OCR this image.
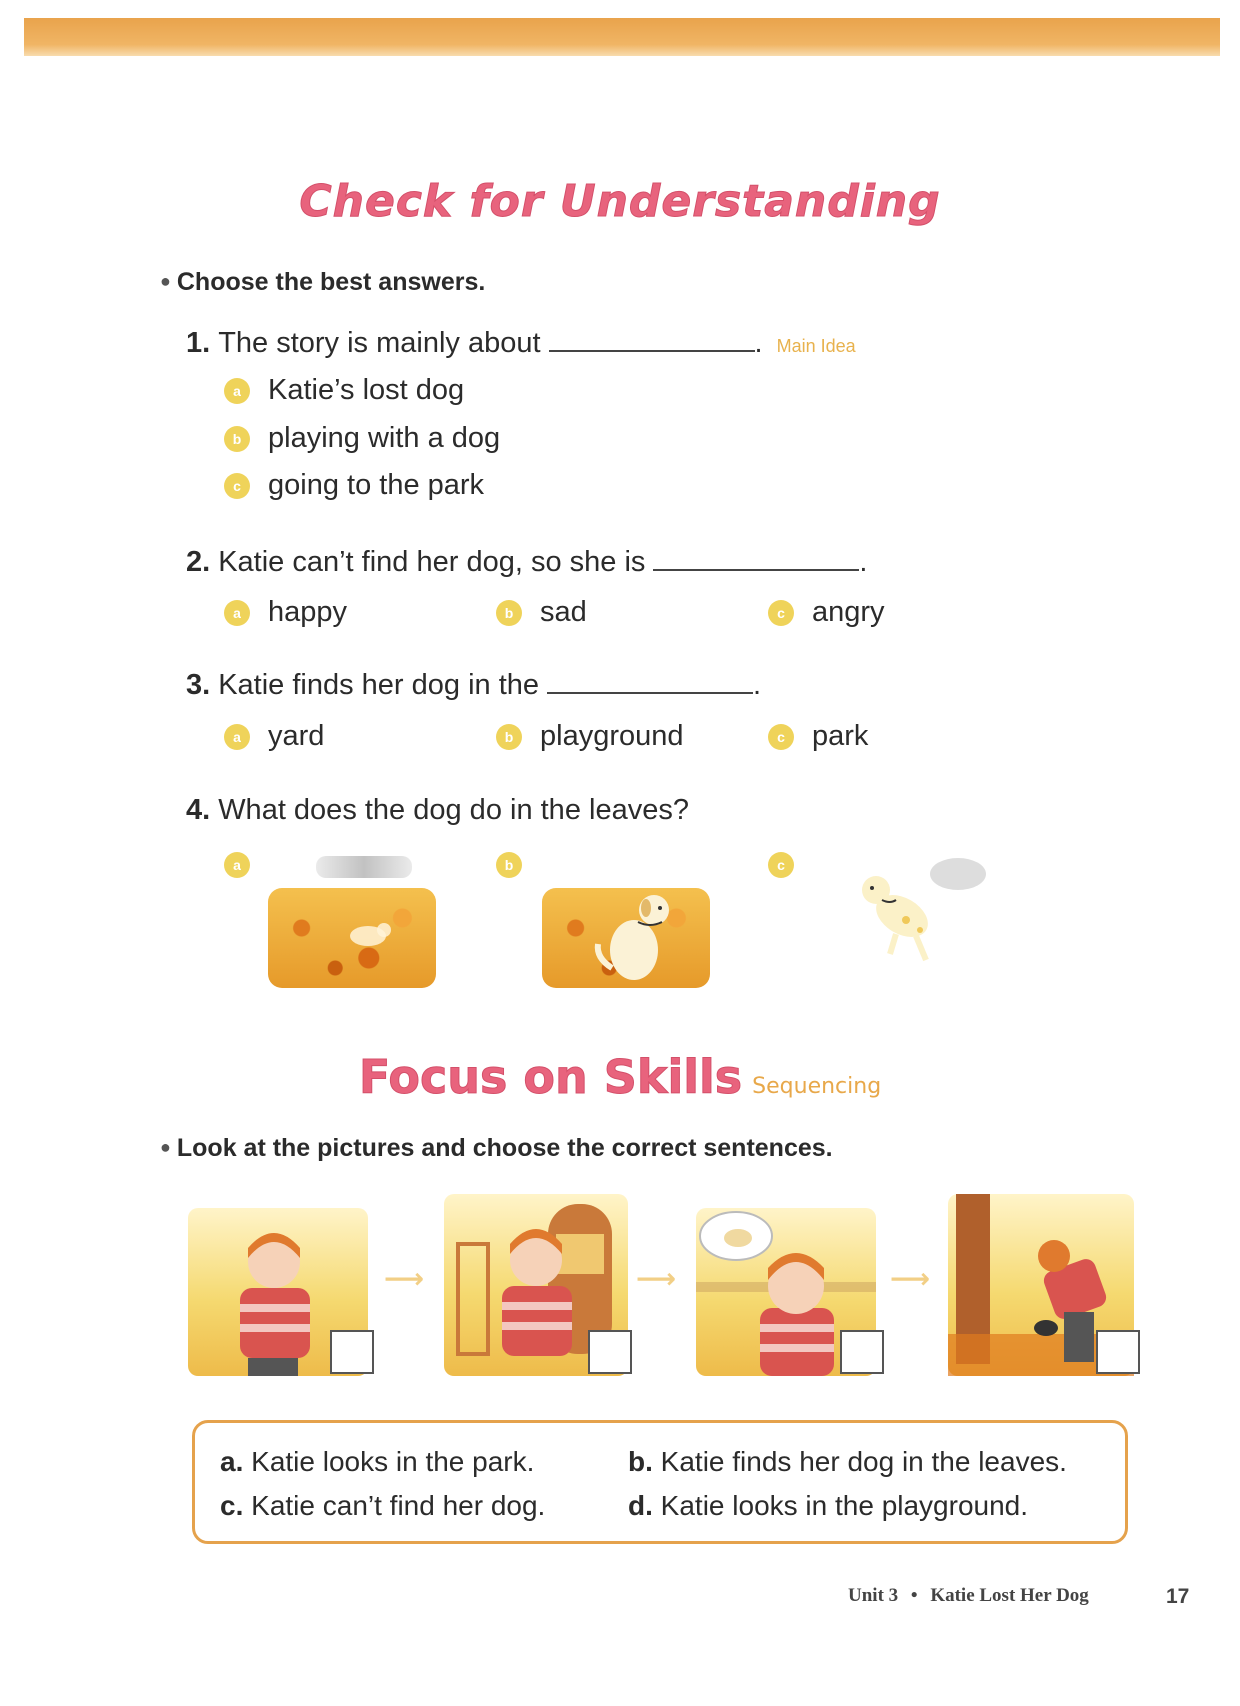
Check for Understanding
● Choose the best answers.
1. The story is mainly about	. Main Idea
a Katie’s lost dog
b playing with a dog
c going to the park
2. Katie can’t find her dog, so she is	.
a happy	b sad	c angry
3. Katie finds her dog in the	.
a yard	b playground	c park
4. What does the dog do in the leaves?
a	b	c
Focus on Skills Sequencing
● Look at the pictures and choose the correct sentences.
⟶	⟶	⟶
a. Katie looks in the park.	b. Katie finds her dog in the leaves.
c. Katie can’t find her dog.	d. Katie looks in the playground.
Unit 3 • Katie Lost Her Dog	17
